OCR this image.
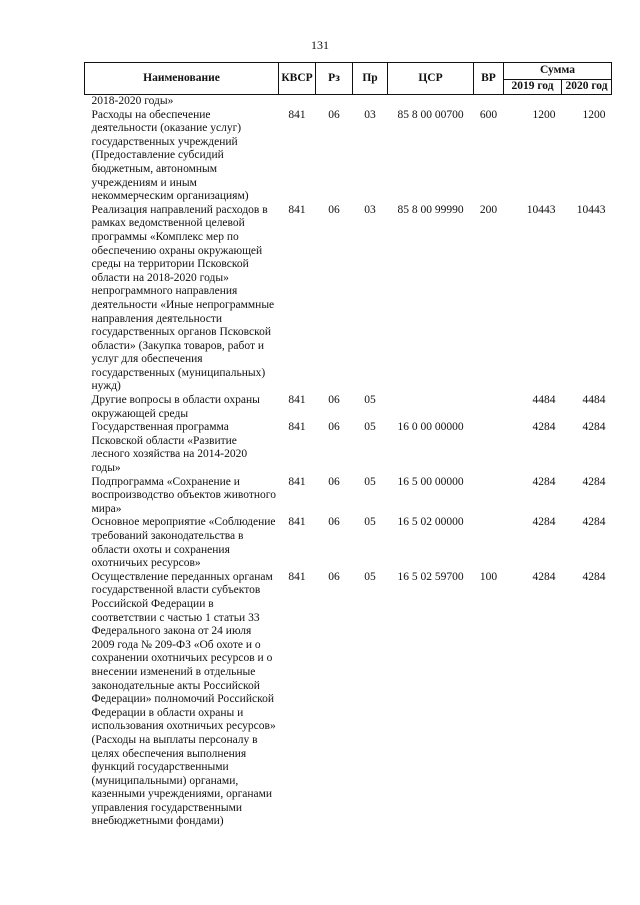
131
Наименование	КВСР	Рз	Пр	ЦСР	ВР	Сумма	
						2019 год	2020 год
2018-2020 годы»							
Расходы на обеспечение деятельности (оказание услуг) государственных учреждений (Предоставление субсидий бюджетным, автономным учреждениям и иным некоммерческим организациям)	841	06	03	85 8 00 00700	600	1200	1200
Реализация направлений расходов в рамках ведомственной целевой программы «Комплекс мер по обеспечению охраны окружающей среды на территории Псковской области на 2018-2020 годы» непрограммного направления деятельности «Иные непрограммные направления деятельности государственных органов Псковской области» (Закупка товаров, работ и услуг для обеспечения государственных (муниципальных) нужд)	841	06	03	85 8 00 99990	200	10443	10443
Другие вопросы в области охраны окружающей среды	841	06	05			4484	4484
Государственная программа Псковской области «Развитие лесного хозяйства на 2014-2020 годы»	841	06	05	16 0 00 00000		4284	4284
Подпрограмма «Сохранение и воспроизводство объектов животного мира»	841	06	05	16 5 00 00000		4284	4284
Основное мероприятие «Соблюдение требований законодательства в области охоты и сохранения охотничьих ресурсов»	841	06	05	16 5 02 00000		4284	4284
Осуществление переданных органам государственной власти субъектов Российской Федерации в соответствии с частью 1 статьи 33 Федерального закона от 24 июля 2009 года № 209-ФЗ «Об охоте и о сохранении охотничьих ресурсов и о внесении изменений в отдельные законодательные акты Российской Федерации» полномочий Российской Федерации в области охраны и использования охотничьих ресурсов» (Расходы на выплаты персоналу в целях обеспечения выполнения функций государственными (муниципальными) органами, казенными учреждениями, органами управления государственными внебюджетными фондами)	841	06	05	16 5 02 59700	100	4284	4284
